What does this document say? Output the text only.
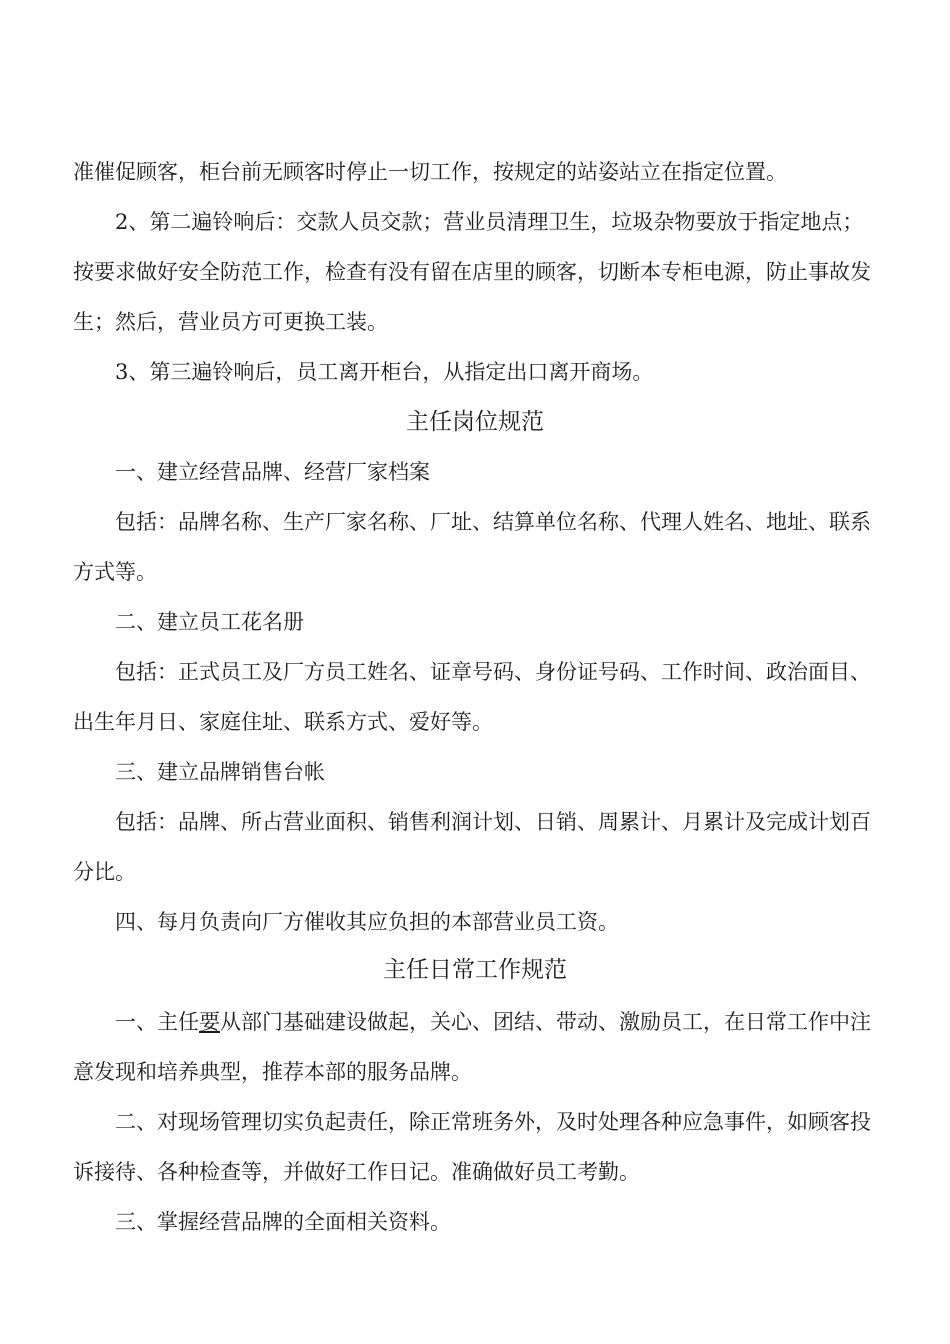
准催促顾客，柜台前无顾客时停止一切工作，按规定的站姿站立在指定位置。
2、第二遍铃响后：交款人员交款；营业员清理卫生，垃圾杂物要放于指定地点；按要求做好安全防范工作，检查有没有留在店里的顾客，切断本专柜电源，防止事故发生；然后，营业员方可更换工装。
3、第三遍铃响后，员工离开柜台，从指定出口离开商场。
主任岗位规范
一、建立经营品牌、经营厂家档案
包括：品牌名称、生产厂家名称、厂址、结算单位名称、代理人姓名、地址、联系方式等。
二、建立员工花名册
包括：正式员工及厂方员工姓名、证章号码、身份证号码、工作时间、政治面目、出生年月日、家庭住址、联系方式、爱好等。
三、建立品牌销售台帐
包括：品牌、所占营业面积、销售利润计划、日销、周累计、月累计及完成计划百分比。
四、每月负责向厂方催收其应负担的本部营业员工资。
主任日常工作规范
一、主任要从部门基础建设做起，关心、团结、带动、激励员工，在日常工作中注意发现和培养典型，推荐本部的服务品牌。
二、对现场管理切实负起责任，除正常班务外，及时处理各种应急事件，如顾客投诉接待、各种检查等，并做好工作日记。准确做好员工考勤。
三、掌握经营品牌的全面相关资料。
